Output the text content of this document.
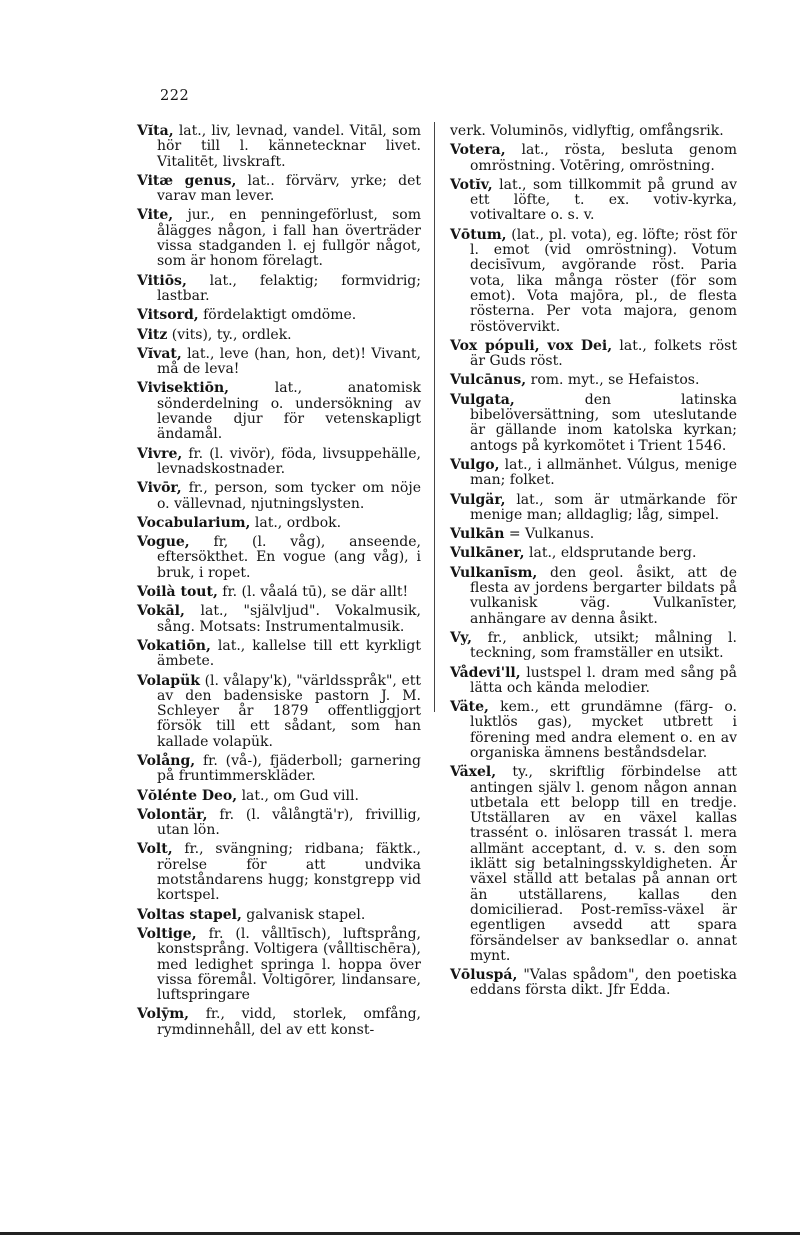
222

Vĭta, lat., liv, levnad, vandel. Vitāl, som hör till l. kännetecknar livet. Vitalitēt, livskraft.

Vitæ genus, lat.. förvärv, yrke; det varav man lever.

Vite, jur., en penningeförlust, som ålägges någon, i fall han överträder vissa stadganden l. ej fullgör något, som är honom förelagt.

Vitiōs, lat., felaktig; formvidrig; lastbar.

Vitsord, fördelaktigt omdöme.

Vitz (vits), ty., ordlek.

Vĭvat, lat., leve (han, hon, det)! Vivant, må de leva!

Vivisektiōn, lat., anatomisk sönderdelning o. undersökning av levande djur för vetenskapligt ändamål.

Vivre, fr. (l. vivör), föda, livsuppehälle, levnadskostnader.

Vivōr, fr., person, som tycker om nöje o. vällevnad, njutningslysten.

Vocabularium, lat., ordbok.

Vogue, fr, (l. våg), anseende, eftersökthet. En vogue (ang våg), i bruk, i ropet.

Voilà tout, fr. (l. våalá tū), se där allt!

Vokāl, lat., "självljud". Vokalmusik, sång. Motsats: Instrumentalmusik.

Vokatiōn, lat., kallelse till ett kyrkligt ämbete.

Volapük (l. vålapy'k), "världsspråk", ett av den badensiske pastorn J. M. Schleyer år 1879 offentliggjort försök till ett sådant, som han kallade volapük.

Volång, fr. (vå-), fjäderboll; garnering på fruntimmerskläder.

Vŏlénte Deo, lat., om Gud vill.

Volontär, fr. (l. vålångtä'r), frivillig, utan lön.

Volt, fr., svängning; ridbana; fäktk., rörelse för att undvika motståndarens hugg; konstgrepp vid kortspel.

Voltas stapel, galvanisk stapel.

Voltige, fr. (l. vålltīsch), luftsprång, konstsprång. Voltigera (vålltischēra), med ledighet springa l. hoppa över vissa föremål. Voltigōrer, lindansare, luftspringare

Volȳm, fr., vidd, storlek, omfång, rymdinnehåll, del av ett konst-

verk. Voluminōs, vidlyftig, omfångsrik.

Votera, lat., rösta, besluta genom omröstning. Votēring, omröstning.

Votĭv, lat., som tillkommit på grund av ett löfte, t. ex. votiv-kyrka, votivaltare o. s. v.

Vōtum, (lat., pl. vota), eg. löfte; röst för l. emot (vid omröstning). Votum decisīvum, avgörande röst. Paria vota, lika många röster (för som emot). Vota majōra, pl., de flesta rösterna. Per vota majora, genom röstövervikt.

Vox pópuli, vox Dei, lat., folkets röst är Guds röst.

Vulcānus, rom. myt., se Hefaistos.

Vulgata, den latinska bibelöversättning, som uteslutande är gällande inom katolska kyrkan; antogs på kyrkomötet i Trient 1546.

Vulgo, lat., i allmänhet. Vúlgus, menige man; folket.

Vulgär, lat., som är utmärkande för menige man; alldaglig; låg, simpel.

Vulkān = Vulkanus.

Vulkāner, lat., eldsprutande berg.

Vulkanīsm, den geol. åsikt, att de flesta av jordens bergarter bildats på vulkanisk väg. Vulkanīster, anhängare av denna åsikt.

Vy, fr., anblick, utsikt; målning l. teckning, som framställer en utsikt.

Vådevi'll, lustspel l. dram med sång på lätta och kända melodier.

Väte, kem., ett grundämne (färg- o. luktlös gas), mycket utbrett i förening med andra element o. en av organiska ämnens beståndsdelar.

Växel, ty., skriftlig förbindelse att antingen själv l. genom någon annan utbetala ett belopp till en tredje. Utställaren av en växel kallas trassént o. inlösaren trassát l. mera allmänt acceptant, d. v. s. den som iklätt sig betalningsskyldigheten. Är växel ställd att betalas på annan ort än utställarens, kallas den domicilierad. Post-remīss-växel är egentligen avsedd att spara försändelser av banksedlar o. annat mynt.

Vōluspá, "Valas spådom", den poetiska eddans första dikt. Jfr Edda.
